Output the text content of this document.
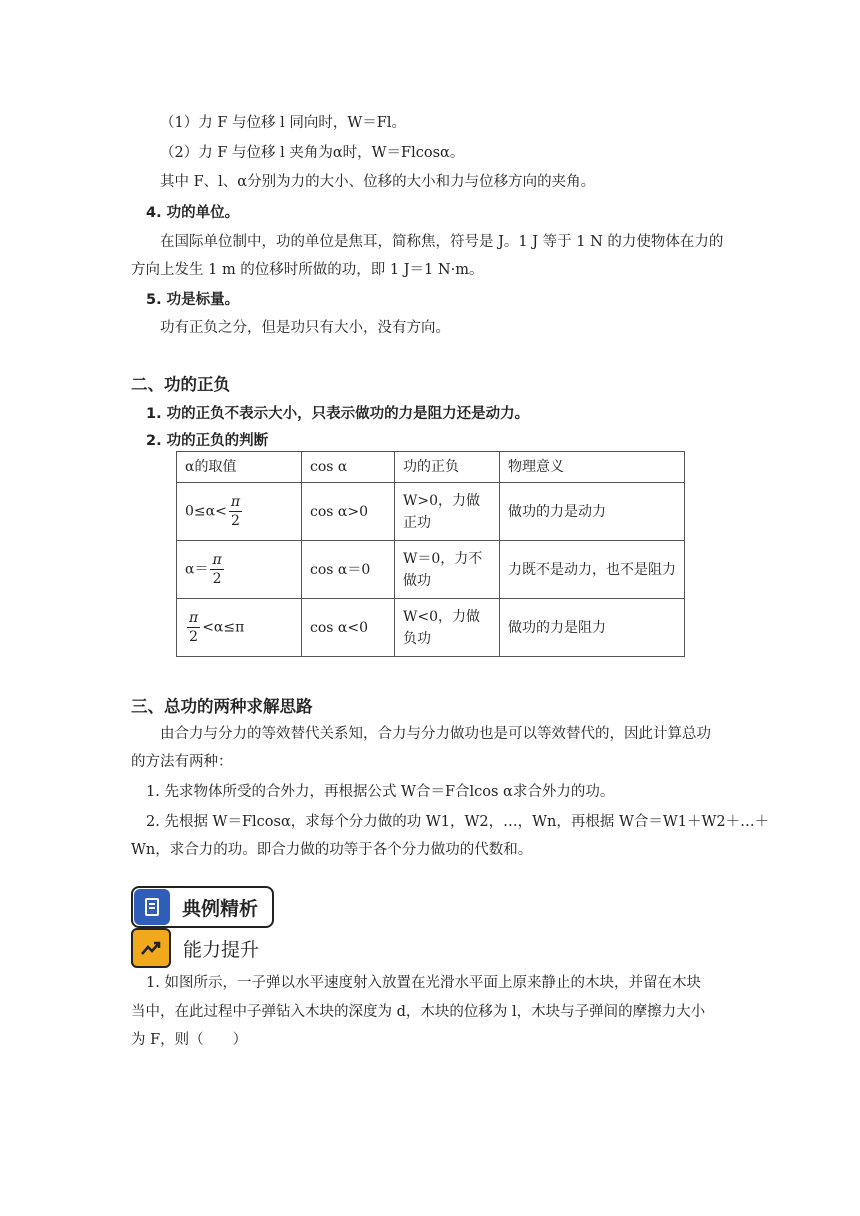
（1）力 F 与位移 l 同向时，W＝Fl。
（2）力 F 与位移 l 夹角为α时，W＝Flcosα。
其中 F、l、α分别为力的大小、位移的大小和力与位移方向的夹角。
4. 功的单位。
在国际单位制中，功的单位是焦耳，简称焦，符号是 J。1 J 等于 1 N 的力使物体在力的
方向上发生 1 m 的位移时所做的功，即 1 J＝1 N·m。
5. 功是标量。
功有正负之分，但是功只有大小，没有方向。
二、功的正负
1. 功的正负不表示大小，只表示做功的力是阻力还是动力。
2. 功的正负的判断
α的取值	cos α	功的正负	物理意义
$0\le\alpha< \frac{\pi}{2}$	cos α>0	W>0，力做正功	做功的力是动力
$\alpha= \frac{\pi}{2}$	cos α＝0	W＝0，力不做功	力既不是动力，也不是阻力

$\frac{\pi}{2} <\alpha\le\pi$	cos α<0	W<0，力做负功	做功的力是阻力
三、总功的两种求解思路
由合力与分力的等效替代关系知，合力与分力做功也是可以等效替代的，因此计算总功
的方法有两种：
1. 先求物体所受的合外力，再根据公式 W合＝F合lcos α求合外力的功。
2. 先根据 W＝Flcosα，求每个分力做的功 W1，W2，…，Wn，再根据 W合＝W1＋W2＋…＋
Wn，求合力的功。即合力做的功等于各个分力做功的代数和。
典例精析
能力提升
1. 如图所示，一子弹以水平速度射入放置在光滑水平面上原来静止的木块，并留在木块
当中，在此过程中子弹钻入木块的深度为 d，木块的位移为 l，木块与子弹间的摩擦力大小
为 F，则（　　）
